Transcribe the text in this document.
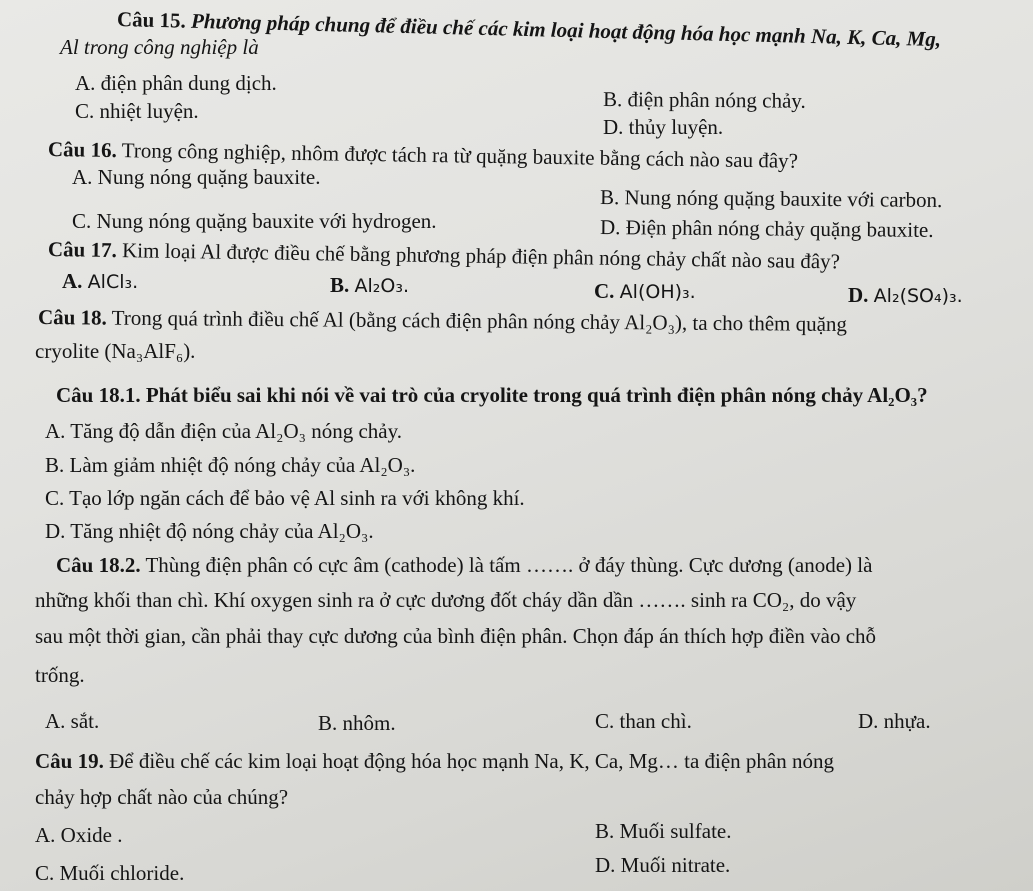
Câu 15. Phương pháp chung để điều chế các kim loại hoạt động hóa học mạnh Na, K, Ca, Mg,
Al trong công nghiệp là
A. điện phân dung dịch.
B. điện phân nóng chảy.
C. nhiệt luyện.
D. thủy luyện.
Câu 16. Trong công nghiệp, nhôm được tách ra từ quặng bauxite bằng cách nào sau đây?
A. Nung nóng quặng bauxite.
B. Nung nóng quặng bauxite với carbon.
C. Nung nóng quặng bauxite với hydrogen.	D. Điện phân nóng chảy quặng bauxite.
Câu 17. Kim loại Al được điều chế bằng phương pháp điện phân nóng chảy chất nào sau đây?
A. AlCl₃.	B. Al₂O₃.	C. Al(OH)₃.	D. Al₂(SO₄)₃.
Câu 18. Trong quá trình điều chế Al (bằng cách điện phân nóng chảy Al₂O₃), ta cho thêm quặng
cryolite (Na₃AlF₆).
Câu 18.1. Phát biểu sai khi nói về vai trò của cryolite trong quá trình điện phân nóng chảy Al₂O₃?
A. Tăng độ dẫn điện của Al₂O₃ nóng chảy.
B. Làm giảm nhiệt độ nóng chảy của Al₂O₃.
C. Tạo lớp ngăn cách để bảo vệ Al sinh ra với không khí.
D. Tăng nhiệt độ nóng chảy của Al₂O₃.
Câu 18.2. Thùng điện phân có cực âm (cathode) là tấm ……. ở đáy thùng. Cực dương (anode) là
những khối than chì. Khí oxygen sinh ra ở cực dương đốt cháy dần dần ……. sinh ra CO₂, do vậy
sau một thời gian, cần phải thay cực dương của bình điện phân. Chọn đáp án thích hợp điền vào chỗ
trống.
A. sắt.	B. nhôm.	C. than chì.	D. nhựa.
Câu 19. Để điều chế các kim loại hoạt động hóa học mạnh Na, K, Ca, Mg… ta điện phân nóng
chảy hợp chất nào của chúng?
A. Oxide .	B. Muối sulfate.
C. Muối chloride.	D. Muối nitrate.
